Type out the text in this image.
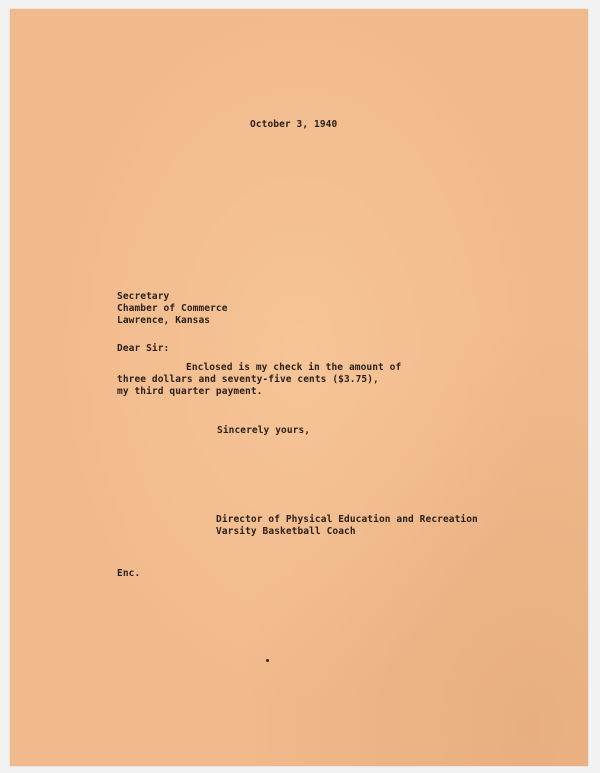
October 3, 1940
Secretary
Chamber of Commerce
Lawrence, Kansas
Dear Sir:
Enclosed is my check in the amount of
three dollars and seventy-five cents ($3.75),
my third quarter payment.
Sincerely yours,
Director of Physical Education and Recreation
Varsity Basketball Coach
Enc.
